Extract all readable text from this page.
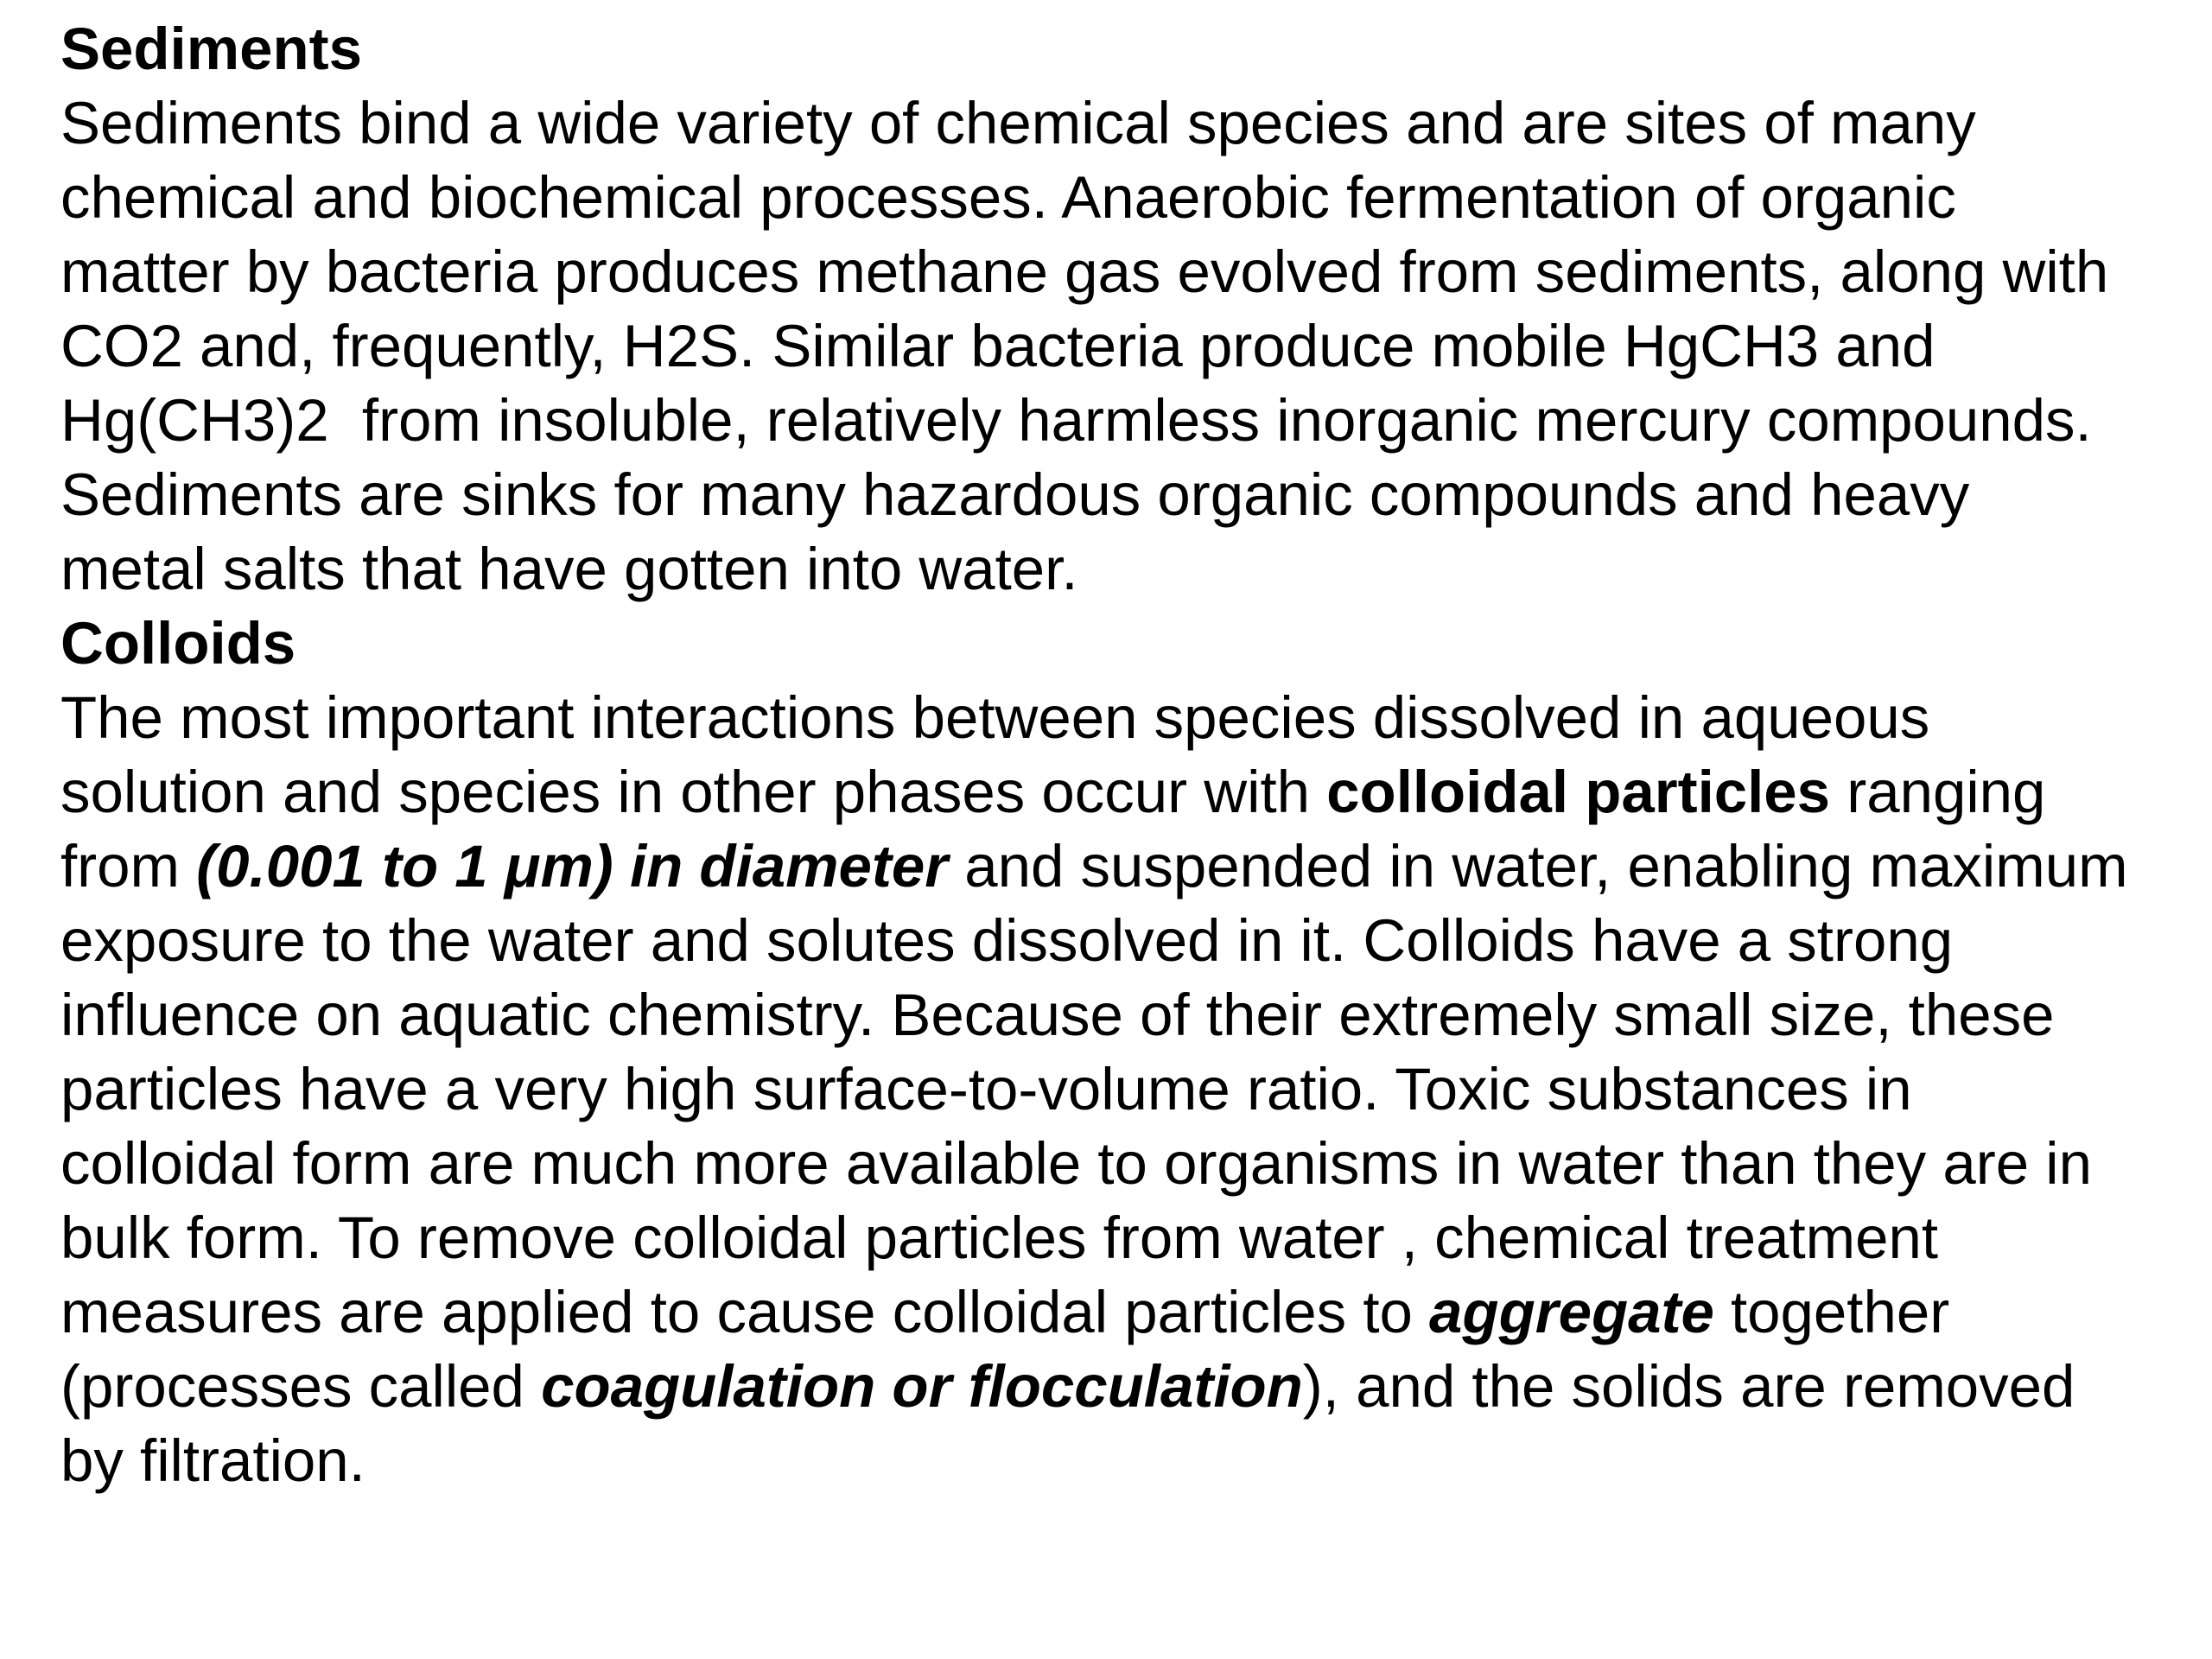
Sediments
Sediments bind a wide variety of chemical species and are sites of many
chemical and biochemical processes. Anaerobic fermentation of organic
matter by bacteria produces methane gas evolved from sediments, along with
CO2 and, frequently, H2S. Similar bacteria produce mobile HgCH3 and
Hg(CH3)2  from insoluble, relatively harmless inorganic mercury compounds.
Sediments are sinks for many hazardous organic compounds and heavy
metal salts that have gotten into water.
Colloids
The most important interactions between species dissolved in aqueous
solution and species in other phases occur with colloidal particles ranging
from (0.001 to 1 μm) in diameter and suspended in water, enabling maximum
exposure to the water and solutes dissolved in it. Colloids have a strong
influence on aquatic chemistry. Because of their extremely small size, these
particles have a very high surface-to-volume ratio. Toxic substances in
colloidal form are much more available to organisms in water than they are in
bulk form. To remove colloidal particles from water , chemical treatment
measures are applied to cause colloidal particles to aggregate together
(processes called coagulation or flocculation), and the solids are removed
by filtration.
